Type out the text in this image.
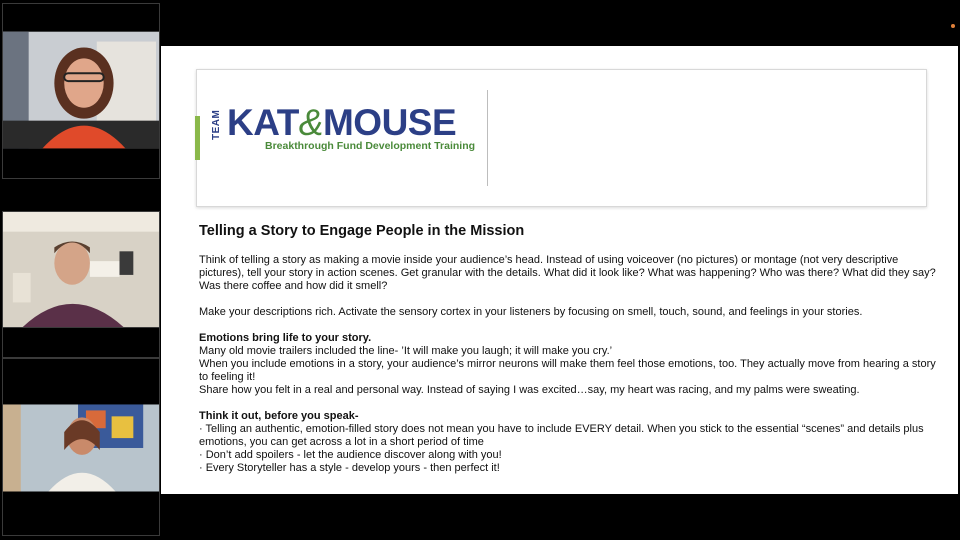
TEAM KAT&MOUSE
Breakthrough Fund Development Training
Telling a Story to Engage People in the Mission

Think of telling a story as making a movie inside your audience’s head. Instead of using voiceover (no pictures) or montage (not very descriptive pictures), tell your story in action scenes. Get granular with the details. What did it look like? What was happening? Who was there? What did they say? Was there coffee and how did it smell?

Make your descriptions rich. Activate the sensory cortex in your listeners by focusing on smell, touch, sound, and feelings in your stories.

Emotions bring life to your story.

Many old movie trailers included the line- ’It will make you laugh; it will make you cry.’

When you include emotions in a story, your audience’s mirror neurons will make them feel those emotions, too. They actually move from hearing a story to feeling it!

Share how you felt in a real and personal way. Instead of saying I was excited…say, my heart was racing, and my palms were sweating.

Think it out, before you speak-

· Telling an authentic, emotion-filled story does not mean you have to include EVERY detail. When you stick to the essential “scenes” and details plus emotions, you can get across a lot in a short period of time

· Don’t add spoilers - let the audience discover along with you!

· Every Storyteller has a style - develop yours - then perfect it!
